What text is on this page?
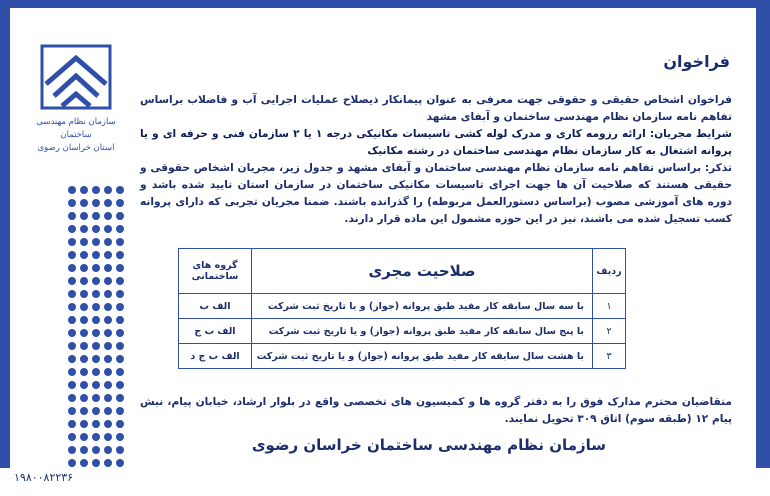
سازمان نظام مهندسی ساختمان
استان خراسان رضوی
فراخوان

فراخوان اشخاص حقیقی و حقوقی جهت معرفی به عنوان پیمانکار ذیصلاح عملیات اجرایی آب و فاضلاب براساس تفاهم نامه سازمان نظام مهندسی ساختمان و آبفای مشهد

شرایط مجریان: ارائه رزومه کاری و مدرک لوله کشی تاسیسات مکانیکی درجه ۱ یا ۲ سازمان فنی و حرفه ای و یا پروانه اشتغال به کار سازمان نظام مهندسی ساختمان در رشته مکانیک

تذکر: براساس تفاهم نامه سازمان نظام مهندسی ساختمان و آبفای مشهد و جدول زیر، مجریان اشخاص حقوقی و حقیقی هستند که صلاحیت آن ها جهت اجرای تاسیسات مکانیکی ساختمان در سازمان استان تایید شده باشد و دوره های آموزشی مصوب (براساس دستورالعمل مربوطه) را گذرانده باشند. ضمنا مجریان تجربی که دارای پروانه کسب تسجیل شده می باشند، نیز در این حوزه مشمول این ماده قرار دارند.

ردیف	صلاحیت مجری	گروه های ساختمانی
۱	با سه سال سابقه کار مفید طبق پروانه (جواز) و یا تاریخ ثبت شرکت	الف ب
۲	با پنج سال سابقه کار مفید طبق پروانه (جواز) و یا تاریخ ثبت شرکت	الف ب ج
۳	با هشت سال سابقه کار مفید طبق پروانه (جواز) و یا تاریخ ثبت شرکت	الف ب ج د
متقاضیان محترم مدارک فوق را به دفتر گروه ها و کمیسیون های تخصصی واقع در بلوار ارشاد، خیابان پیام، نبش پیام ۱۲ (طبقه سوم) اتاق ۳۰۹ تحویل نمایند.
سازمان نظام مهندسی ساختمان خراسان رضوی
۱۹۸۰۰۸۲۲۳۶
